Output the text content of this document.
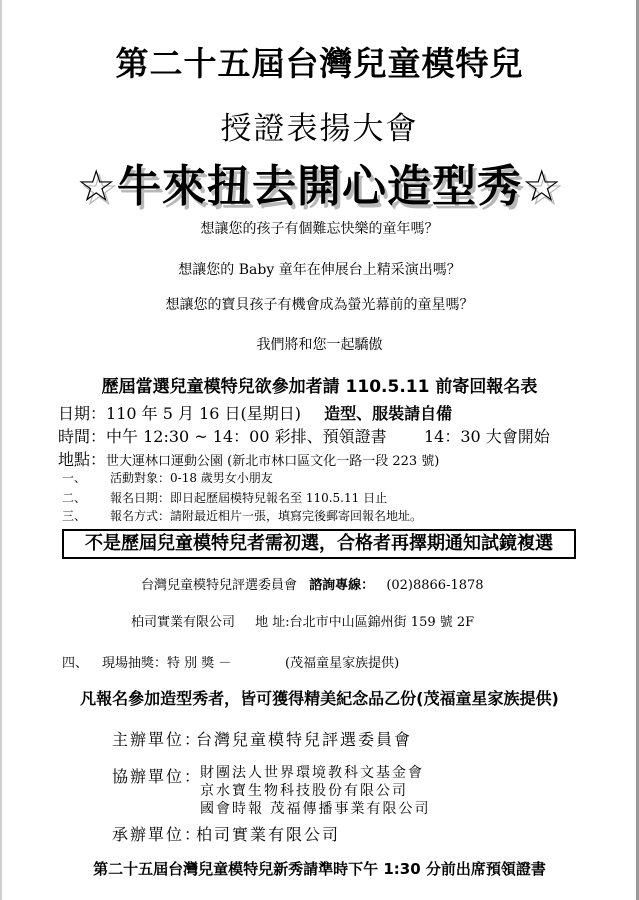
第二十五屆台灣兒童模特兒
授證表揚大會
☆牛來扭去開心造型秀☆
想讓您的孩子有個難忘快樂的童年嗎？
想讓您的 Baby 童年在伸展台上精采演出嗎？
想讓您的寶貝孩子有機會成為螢光幕前的童星嗎？
我們將和您一起驕傲
歷屆當選兒童模特兒欲參加者請 110.5.11 前寄回報名表
日期：110 年 5 月 16 日(星期日) 造型、服裝請自備
時間：中午 12:30 ~ 14：00 彩排、預領證書 14：30 大會開始
地點：世大運林口運動公園 (新北市林口區文化一路一段 223 號)
一、 活動對象：0-18 歲男女小朋友
二、 報名日期：即日起歷屆模特兒報名至 110.5.11 日止
三、 報名方式：請附最近相片一張，填寫完後郵寄回報名地址。
不是歷屆兒童模特兒者需初選，合格者再擇期通知試鏡複選
台灣兒童模特兒評選委員會 諮詢專線： (02)8866-1878
柏司實業有限公司 地 址:台北市中山區錦州街 159 號 2F
四、 現場抽獎：特 別 獎 －	(茂福童星家族提供)
凡報名參加造型秀者，皆可獲得精美紀念品乙份(茂福童星家族提供)
主辦單位：
台灣兒童模特兒評選委員會
協辦單位：
財團法人世界環境教科文基金會
京水寶生物科技股份有限公司
國會時報 茂福傳播事業有限公司
承辦單位：
柏司實業有限公司
第二十五屆台灣兒童模特兒新秀請準時下午 1:30 分前出席預領證書
